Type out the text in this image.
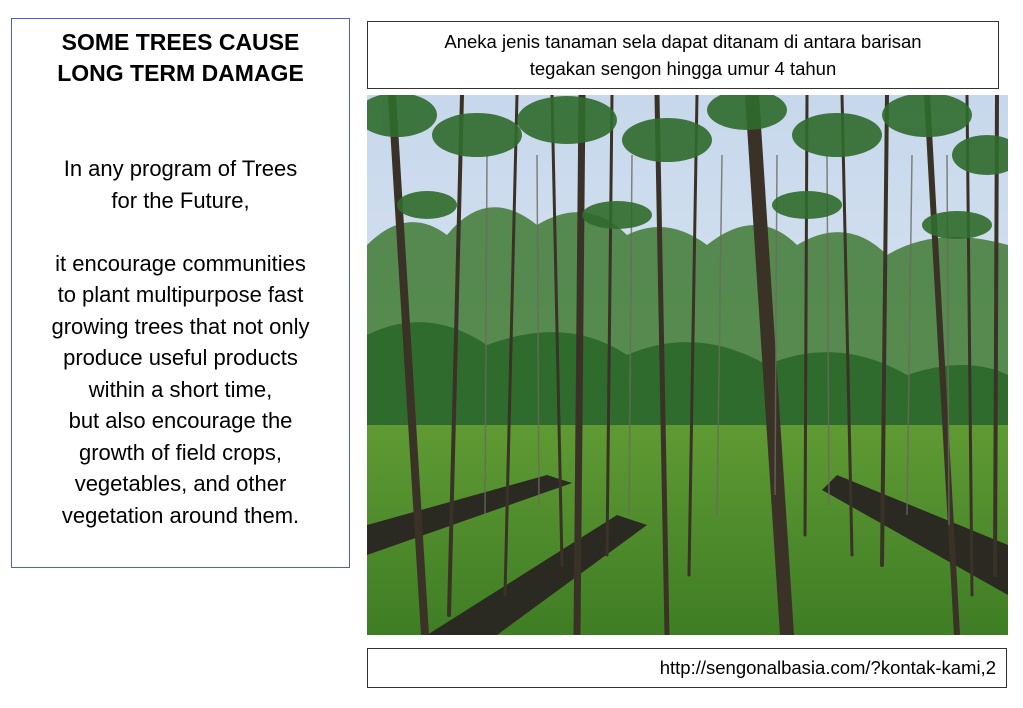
SOME TREES CAUSE
LONG TERM DAMAGE

In any program of Trees

for the Future,

it encourage communities

to plant multipurpose fast

growing trees that not only

produce useful products

within a short time,

but also encourage the

growth of field crops,

vegetables, and other

vegetation around them.

Aneka jenis tanaman sela dapat ditanam di antara barisan
tegakan sengon hingga umur 4 tahun
http://sengonalbasia.com/?kontak-kami,2
